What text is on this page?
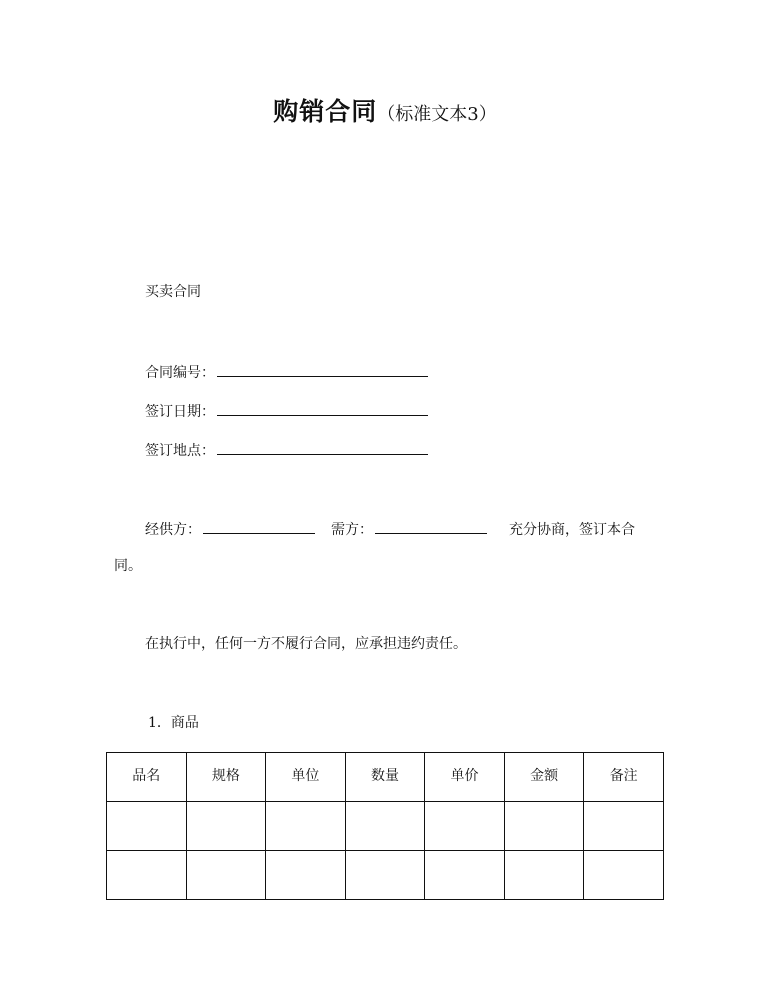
购销合同（标准文本3）
买卖合同
合同编号：
签订日期：
签订地点：
经供方：	需方：	充分协商，签订本合
同。
在执行中，任何一方不履行合同，应承担违约责任。
1．商品
品名	规格	单位	数量	单价	金额	备注
